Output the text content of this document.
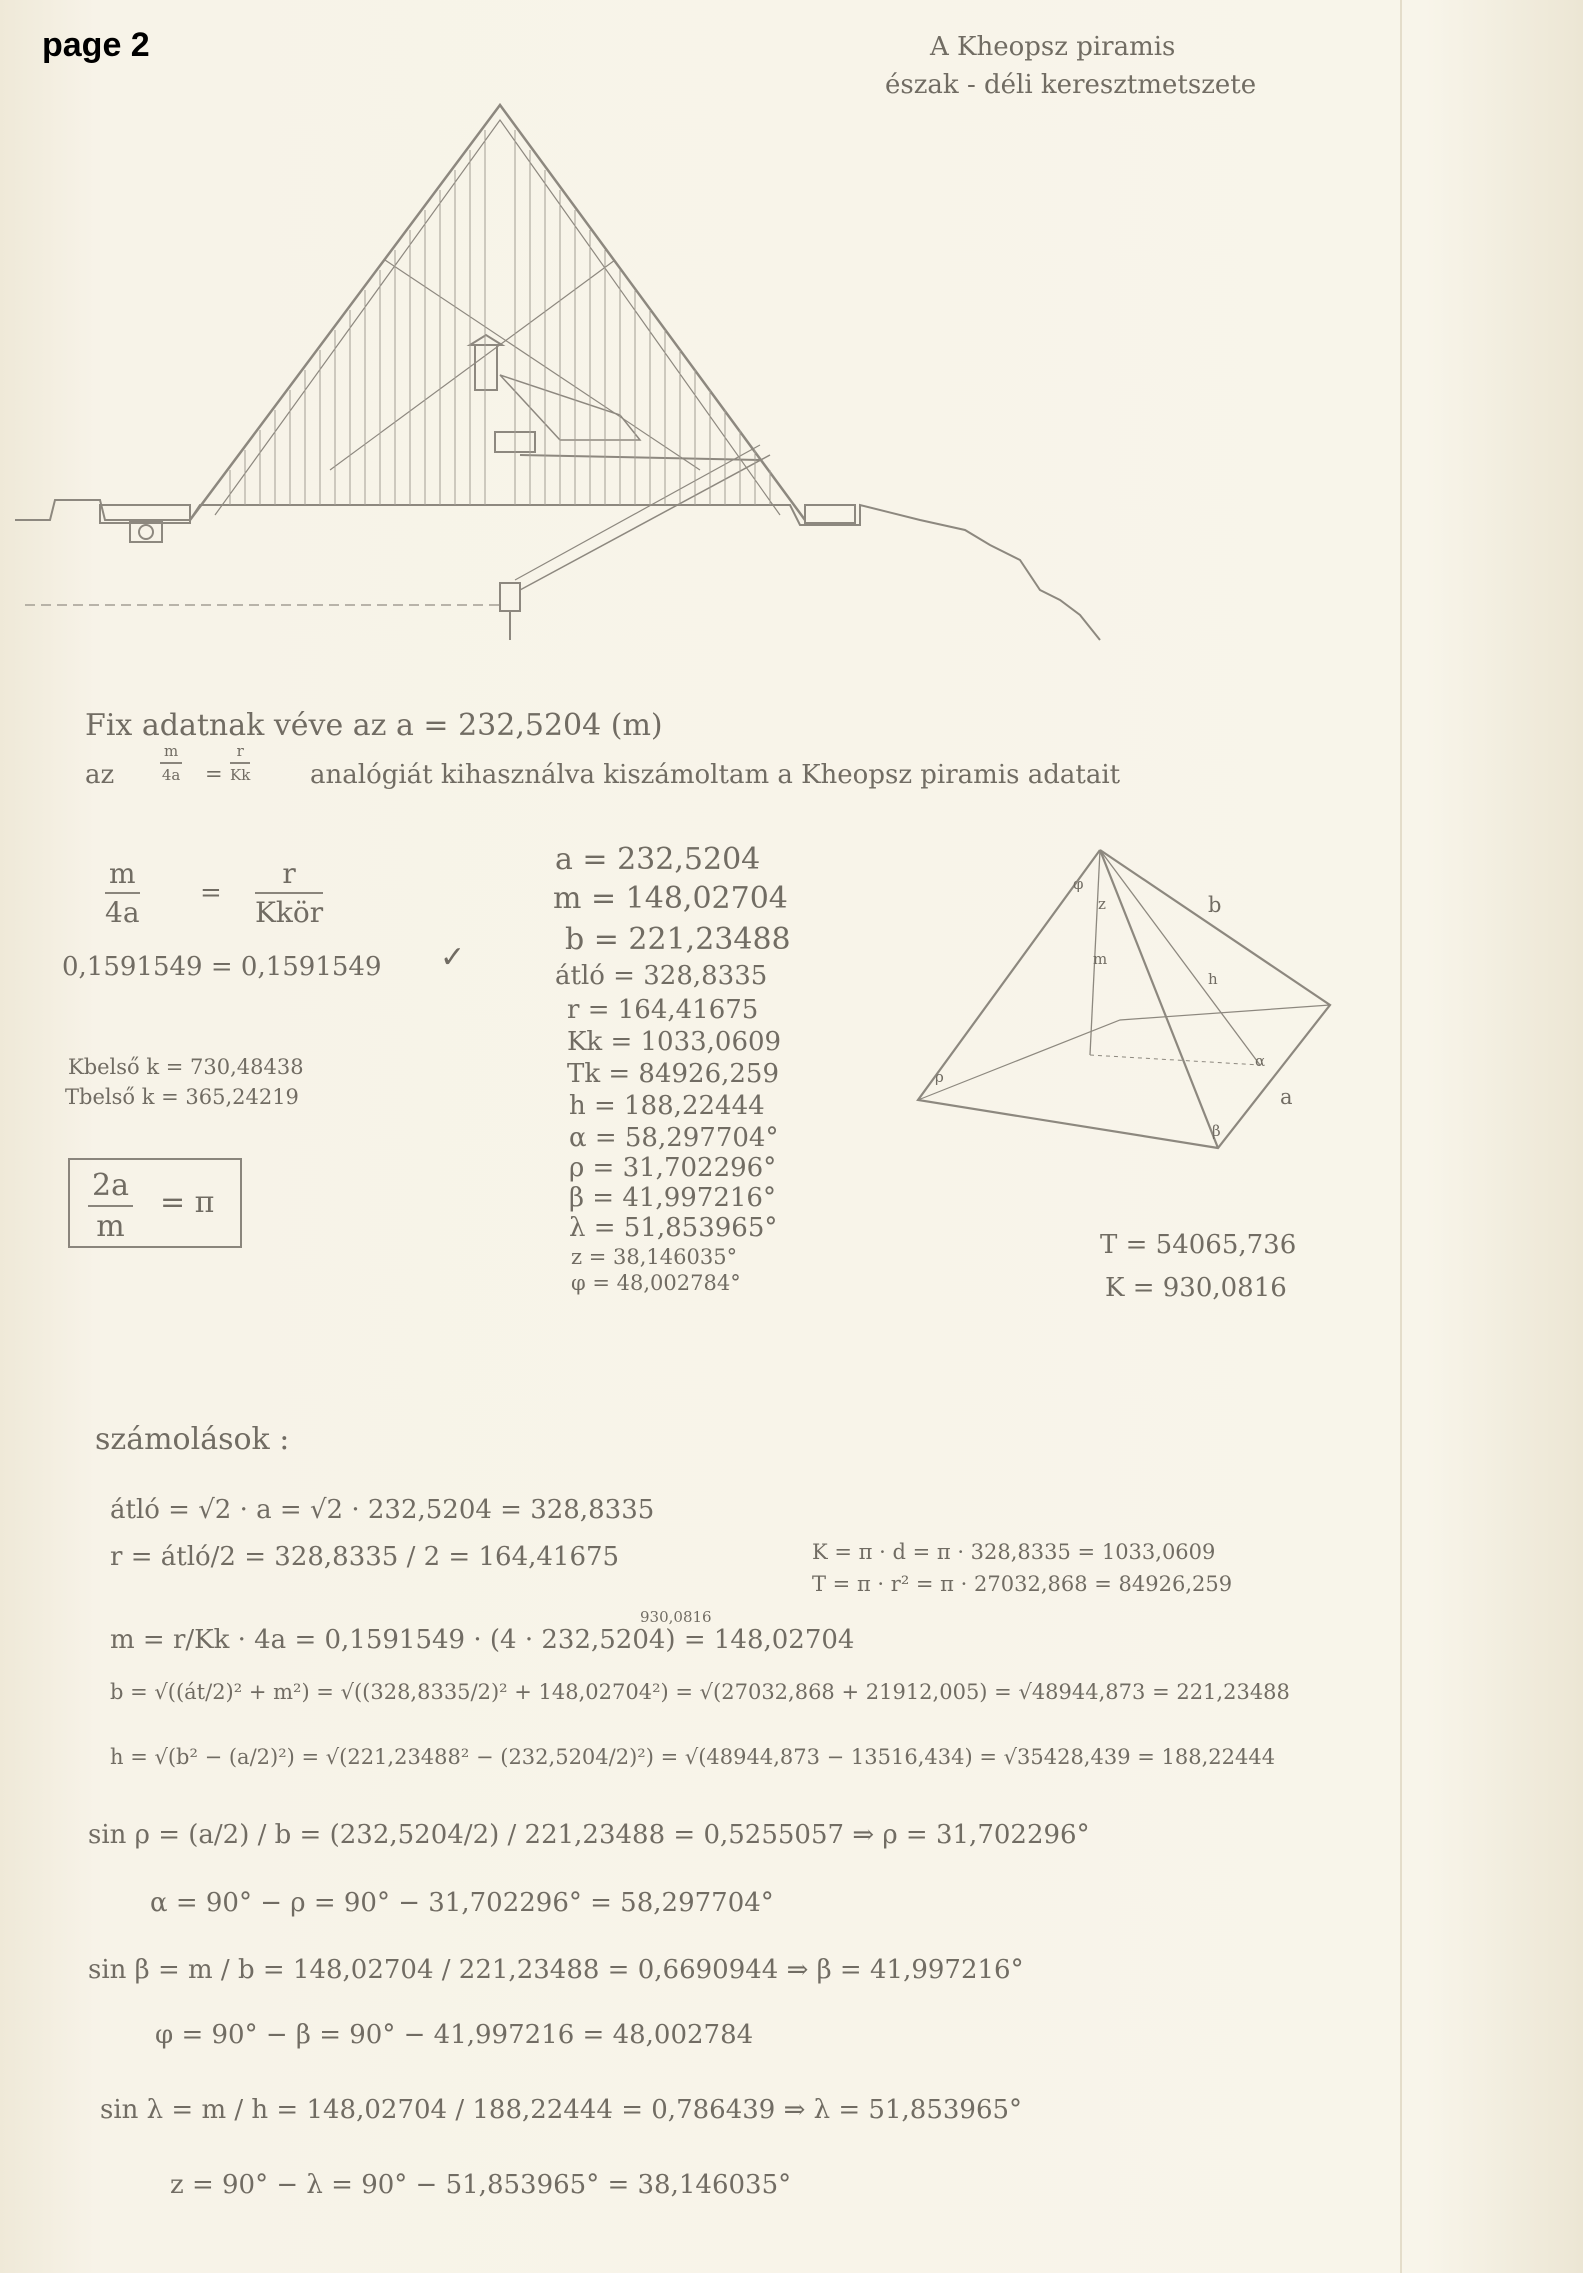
page 2	A Kheopsz piramis
észak - déli keresztmetszete
b
a
m
h
φ
z
ρ
α
β
Fix adatnak véve az a = 232,5204 (m)
az	$\frac{m}{4a} = \frac{r}{Kk}$ analógiát kihasználva kiszámoltam a Kheopsz piramis adatait
$\frac{m}{4a}$ =
r
Kkör
0,1591549 = 0,1591549 ✓
Kbelső k = 730,48438
Tbelső k = 365,24219
$\frac{2a}{m} = \pi$
a = 232,5204
m = 148,02704
b = 221,23488
átló = 328,8335
r = 164,41675
Kk = 1033,0609
Tk = 84926,259
h = 188,22444
α = 58,297704°
ρ = 31,702296°
β = 41,997216°
λ = 51,853965°
z = 38,146035°
φ = 48,002784°
T = 54065,736
K = 930,0816
számolások :
átló = √2 · a = √2 · 232,5204 = 328,8335
r = átló/2 = 328,8335 / 2 = 164,41675	K = π · d = π · 328,8335 = 1033,0609
T = π · r² = π · 27032,868 = 84926,259
930,0816
m = r/Kk · 4a = 0,1591549 · (4 · 232,5204) = 148,02704
b = √((át/2)² + m²) = √((328,8335/2)² + 148,02704²) = √(27032,868 + 21912,005) = √48944,873 = 221,23488
h = √(b² − (a/2)²) = √(221,23488² − (232,5204/2)²) = √(48944,873 − 13516,434) = √35428,439 = 188,22444
sin ρ = (a/2) / b = (232,5204/2) / 221,23488 = 0,5255057 ⇒ ρ = 31,702296°
α = 90° − ρ = 90° − 31,702296° = 58,297704°
sin β = m / b = 148,02704 / 221,23488 = 0,6690944 ⇒ β = 41,997216°
φ = 90° − β = 90° − 41,997216 = 48,002784
sin λ = m / h = 148,02704 / 188,22444 = 0,786439 ⇒ λ = 51,853965°
z = 90° − λ = 90° − 51,853965° = 38,146035°
